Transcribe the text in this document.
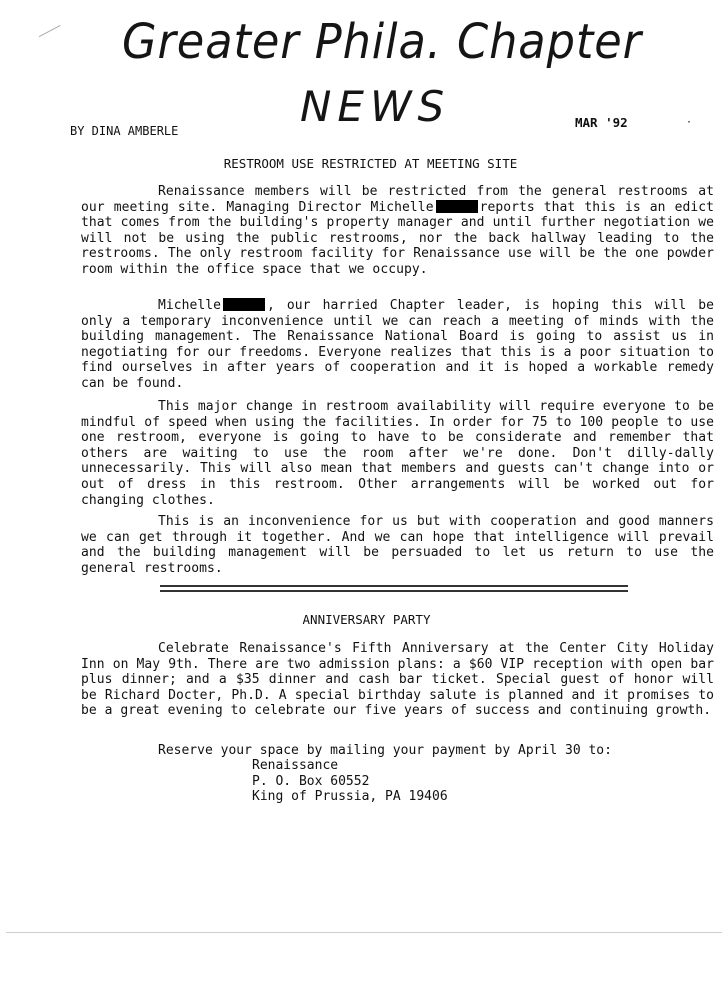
Greater Phila. Chapter
NEWS
BY DINA AMBERLE
MAR '92	·
RESTROOM USE RESTRICTED AT MEETING SITE
Renaissance members will be restricted from the general restrooms at our meeting site. Managing Director Michelle	reports that this is an edict that comes from the building's property manager and until further negotiation we will not be using the public restrooms, nor the back hallway leading to the restrooms. The only restroom facility for Renaissance use will be the one powder room within the office space that we occupy.
Michelle	, our harried Chapter leader, is hoping this will be only a temporary inconvenience until we can reach a meeting of minds with the building management. The Renaissance National Board is going to assist us in negotiating for our freedoms. Everyone realizes that this is a poor situation to find ourselves in after years of cooperation and it is hoped a workable remedy can be found.
This major change in restroom availability will require everyone to be mindful of speed when using the facilities. In order for 75 to 100 people to use one restroom, everyone is going to have to be considerate and remember that others are waiting to use the room after we're done. Don't dilly-dally unnecessarily. This will also mean that members and guests can't change into or out of dress in this restroom. Other arrangements will be worked out for changing clothes.
This is an inconvenience for us but with cooperation and good manners we can get through it together. And we can hope that intelligence will prevail and the building management will be persuaded to let us return to use the general restrooms.
ANNIVERSARY PARTY
Celebrate Renaissance's Fifth Anniversary at the Center City Holiday Inn on May 9th. There are two admission plans: a $60 VIP reception with open bar plus dinner; and a $35 dinner and cash bar ticket. Special guest of honor will be Richard Docter, Ph.D. A special birthday salute is planned and it promises to be a great evening to celebrate our five years of success and continuing growth.
Reserve your space by mailing your payment by April 30 to:
Renaissance
P. O. Box 60552
King of Prussia, PA 19406
